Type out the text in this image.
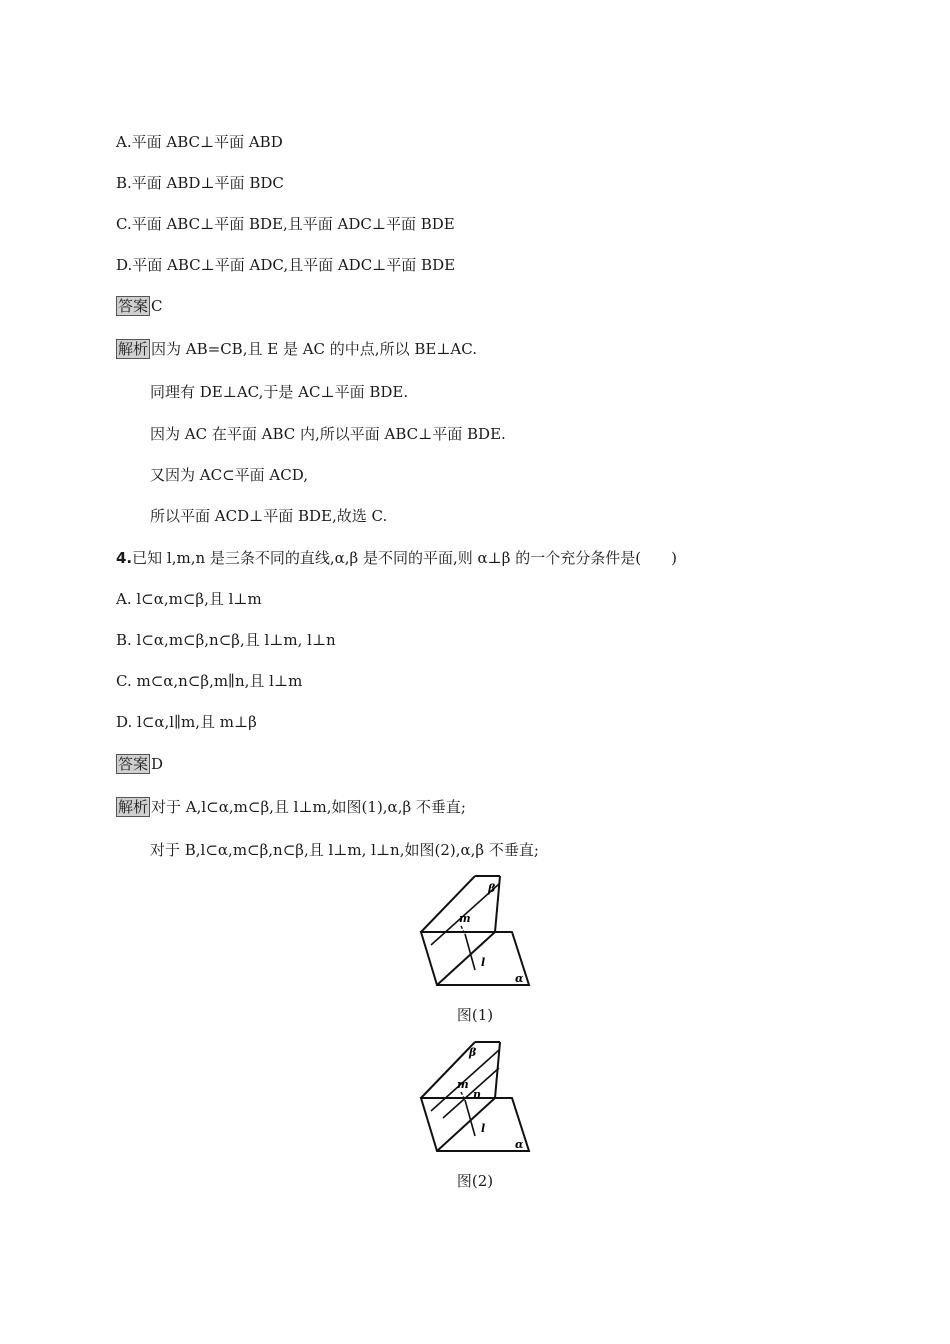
A.平面 ABC⊥平面 ABD
B.平面 ABD⊥平面 BDC
C.平面 ABC⊥平面 BDE,且平面 ADC⊥平面 BDE
D.平面 ABC⊥平面 ADC,且平面 ADC⊥平面 BDE
答案 C
解析 因为 AB=CB,且 E 是 AC 的中点,所以 BE⊥AC.
同理有 DE⊥AC,于是 AC⊥平面 BDE.
因为 AC 在平面 ABC 内,所以平面 ABC⊥平面 BDE.
又因为 AC⊂平面 ACD,
所以平面 ACD⊥平面 BDE,故选 C.
4.已知 l,m,n 是三条不同的直线,α,β 是不同的平面,则 α⊥β 的一个充分条件是(　　)
A. l⊂α,m⊂β,且 l⊥m
B. l⊂α,m⊂β,n⊂β,且 l⊥m, l⊥n
C. m⊂α,n⊂β,m∥n,且 l⊥m
D. l⊂α,l∥m,且 m⊥β
答案 D
解析 对于 A,l⊂α,m⊂β,且 l⊥m,如图(1),α,β 不垂直;
对于 B,l⊂α,m⊂β,n⊂β,且 l⊥m, l⊥n,如图(2),α,β 不垂直;
β
m
l
α
图(1)
β
m
n
l
α
图(2)
